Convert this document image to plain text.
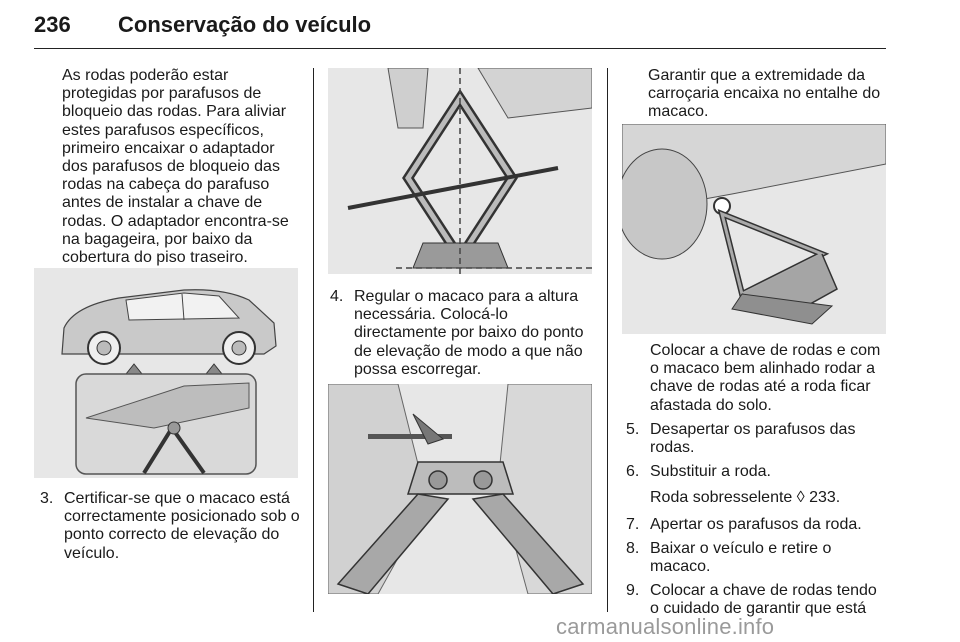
236 Conservação do veículo

As rodas poderão estar protegidas por parafusos de bloqueio das rodas. Para aliviar estes parafusos específicos, primeiro encaixar o adaptador dos parafusos de bloqueio das rodas na cabeça do parafuso antes de instalar a chave de rodas. O adaptador encontra-se na bagageira, por baixo da cobertura do piso traseiro.

3. Certificar-se que o macaco está correctamente posicionado sob o ponto correcto de elevação do veículo.

4. Regular o macaco para a altura necessária. Colocá-lo directamente por baixo do ponto de elevação de modo a que não possa escorregar.

Garantir que a extremidade da carroçaria encaixa no entalhe do macaco.

Colocar a chave de rodas e com o macaco bem alinhado rodar a chave de rodas até a roda ficar afastada do solo.

5. Desapertar os parafusos das rodas.

6. Substituir a roda.

Roda sobresselente ◊ 233.

7. Apertar os parafusos da roda.

8. Baixar o veículo e retire o macaco.

9. Colocar a chave de rodas tendo o cuidado de garantir que está

carmanualsonline.info
